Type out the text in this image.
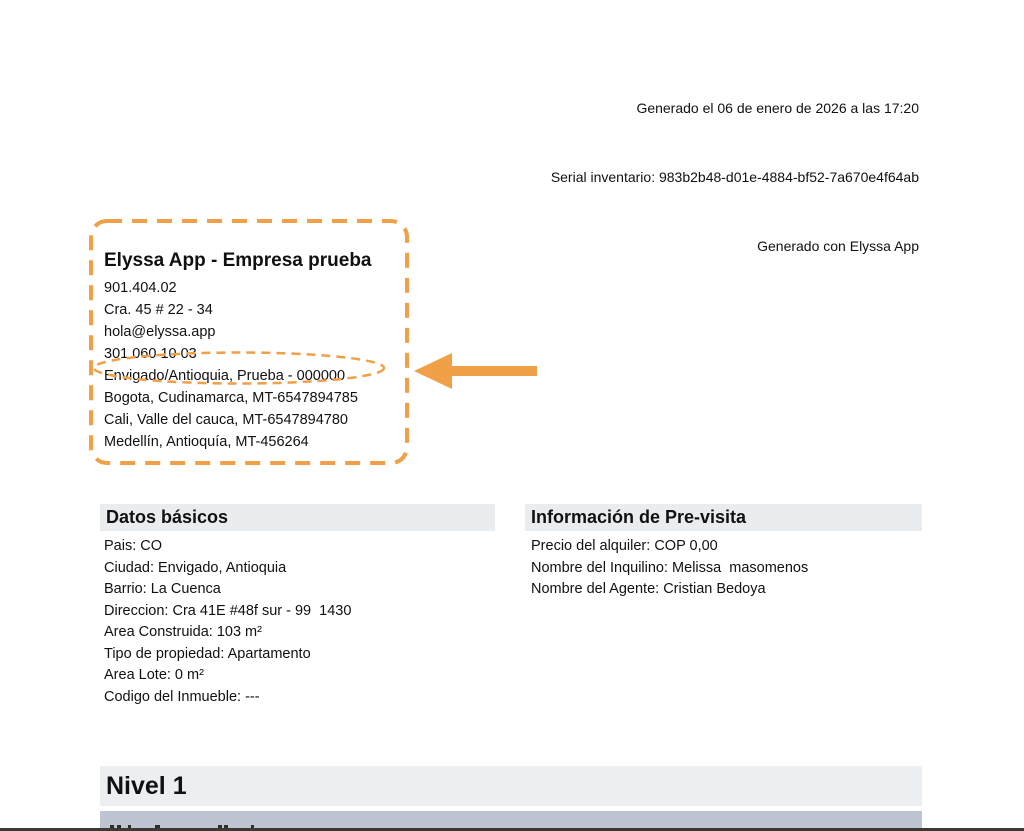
Generado el 06 de enero de 2026 a las 17:20

Serial inventario: 983b2b48-d01e-4884-bf52-7a670e4f64ab

Generado con Elyssa App

Elyssa App - Empresa prueba
901.404.02
Cra. 45 # 22 - 34
hola@elyssa.app
301 060 10 03
Envigado/Antioquia, Prueba - 000000
Bogota, Cudinamarca, MT-6547894785
Cali, Valle del cauca, MT-6547894780
Medellín, Antioquía, MT-456264
Datos básicos
Pais: CO
Ciudad: Envigado, Antioquia
Barrio: La Cuenca
Direccion: Cra 41E #48f sur - 99  1430
Area Construida: 103 m²
Tipo de propiedad: Apartamento
Area Lote: 0 m²
Codigo del Inmueble: ---
Información de Pre-visita
Precio del alquiler: COP 0,00
Nombre del Inquilino: Melissa  masomenos
Nombre del Agente: Cristian Bedoya
Nivel 1
